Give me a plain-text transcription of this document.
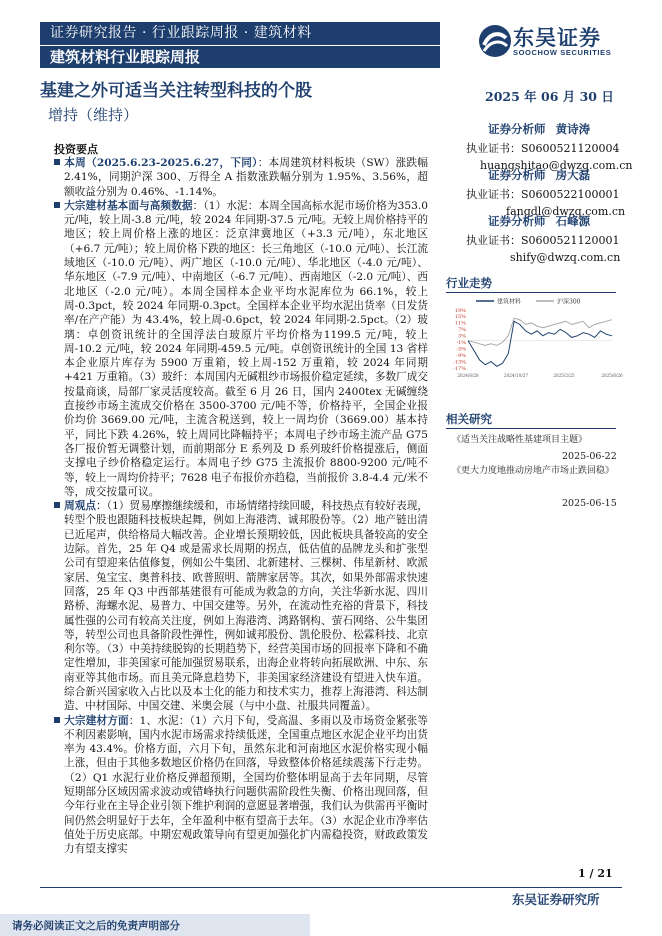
证券研究报告 · 行业跟踪周报 · 建筑材料
建筑材料行业跟踪周报
东吴证券
SOOCHOW SECURITIES
基建之外可适当关注转型科技的个股	2025 年 06 月 30 日
增持（维持）
证券分析师 黄诗涛
执业证书：S0600521120004
huangshitao@dwzq.com.cn
证券分析师 房大磊
执业证书：S0600522100001
fangdl@dwzq.com.cn
证券分析师 石峰源
执业证书：S0600521120001
shify@dwzq.com.cn
投资要点

本周（2025.6.23-2025.6.27，下同）：本周建筑材料板块（SW）涨跌幅2.41%，同期沪深 300、万得全 A 指数涨跌幅分别为 1.95%、3.56%，超额收益分别为 0.46%、-1.14%。

大宗建材基本面与高频数据：（1）水泥：本周全国高标水泥市场价格为353.0 元/吨，较上周-3.8 元/吨，较 2024 年同期-37.5 元/吨。无较上周价格持平的地区；较上周价格上涨的地区：泛京津冀地区（+3.3 元/吨），东北地区（+6.7 元/吨）；较上周价格下跌的地区：长三角地区（-10.0 元/吨）、长江流域地区（-10.0 元/吨）、两广地区（-10.0 元/吨）、华北地区（-4.0 元/吨）、华东地区（-7.9 元/吨）、中南地区（-6.7 元/吨）、西南地区（-2.0 元/吨）、西北地区（-2.0 元/吨）。本周全国样本企业平均水泥库位为 66.1%，较上周-0.3pct，较 2024 年同期-0.3pct。全国样本企业平均水泥出货率（日发货率/在产产能）为 43.4%，较上周-0.6pct，较 2024 年同期-2.5pct。（2）玻璃：卓创资讯统计的全国浮法白玻原片平均价格为1199.5 元/吨，较上周-10.2 元/吨，较 2024 年同期-459.5 元/吨。卓创资讯统计的全国 13 省样本企业原片库存为 5900 万重箱，较上周-152 万重箱，较 2024 年同期+421 万重箱。（3）玻纤：本周国内无碱粗纱市场报价稳定延续，多数厂成交按量商谈，局部厂家灵活度较高。截至 6 月 26 日，国内 2400tex 无碱缠绕直接纱市场主流成交价格在 3500-3700 元/吨不等，价格持平，全国企业报价均价 3669.00 元/吨，主流含税送到，较上一周均价（3669.00）基本持平，同比下跌 4.26%，较上周同比降幅持平；本周电子纱市场主流产品 G75 各厂报价暂无调整计划，而前期部分 E 系列及 D 系列玻纤价格提涨后，侧面支撑电子纱价格稳定运行。本周电子纱 G75 主流报价 8800-9200 元/吨不等，较上一周均价持平；7628 电子布报价亦趋稳，当前报价 3.8-4.4 元/米不等，成交按量可议。

周观点：（1）贸易摩擦继续缓和，市场情绪持续回暖，科技热点有较好表现，转型个股也跟随科技板块起舞，例如上海港湾、诚邦股份等。（2）地产链出清已近尾声，供给格局大幅改善。企业增长预期较低，因此板块具备较高的安全边际。首先，25 年 Q4 或是需求长周期的拐点，低估值的品牌龙头和扩张型公司有望迎来估值修复，例如公牛集团、北新建材、三棵树、伟星新材、欧派家居、兔宝宝、奥普科技、欧普照明、箭牌家居等。其次，如果外部需求快速回落，25 年 Q3 中西部基建很有可能成为救急的方向，关注华新水泥、四川路桥、海螺水泥、易普力、中国交建等。另外，在流动性充裕的背景下，科技属性强的公司有较高关注度，例如上海港湾、鸿路钢构、萤石网络、公牛集团等，转型公司也具备阶段性弹性，例如诚邦股份、凯伦股份、松霖科技、北京利尔等。（3）中美持续脱钩的长期趋势下，经营美国市场的回报率下降和不确定性增加，非美国家可能加强贸易联系，出海企业将转向拓展欧洲、中东、东南亚等其他市场。而且美元降息趋势下，非美国家经济建设有望进入快车道。综合新兴国家收入占比以及本土化的能力和技术实力，推荐上海港湾、科达制造、中材国际、中国交建、米奥会展（与中小盘、社服共同覆盖）。

大宗建材方面：1、水泥：（1）六月下旬，受高温、多雨以及市场资金紧张等不利因素影响，国内水泥市场需求持续低迷，全国重点地区水泥企业平均出货率为 43.4%。价格方面，六月下旬，虽然东北和河南地区水泥价格实现小幅上涨，但由于其他多数地区价格仍在回落，导致整体价格延续震荡下行走势。（2）Q1 水泥行业价格反弹超预期，全国均价整体明显高于去年同期，尽管短期部分区域因需求波动或错峰执行问题供需阶段性失衡、价格出现回落，但今年行业在主导企业引领下维护利润的意愿显著增强，我们认为供需再平衡时间仍然会明显好于去年，全年盈利中枢有望高于去年。（3）水泥企业市净率估值处于历史底部。中期宏观政策导向有望更加强化扩内需稳投资，财政政策发力有望支撑实

行业走势
建筑材料	沪深300
19%
15%
11%
7%
3%
-1%
-5%
-9%
-13%
-17%
2024/6/28	2024/10/27	2025/2/25	2025/6/26
相关研究
《适当关注战略性基建项目主题》
2025-06-22
《更大力度地推动房地产市场止跌回稳》
2025-06-15
1 / 21
东吴证券研究所
请务必阅读正文之后的免责声明部分
